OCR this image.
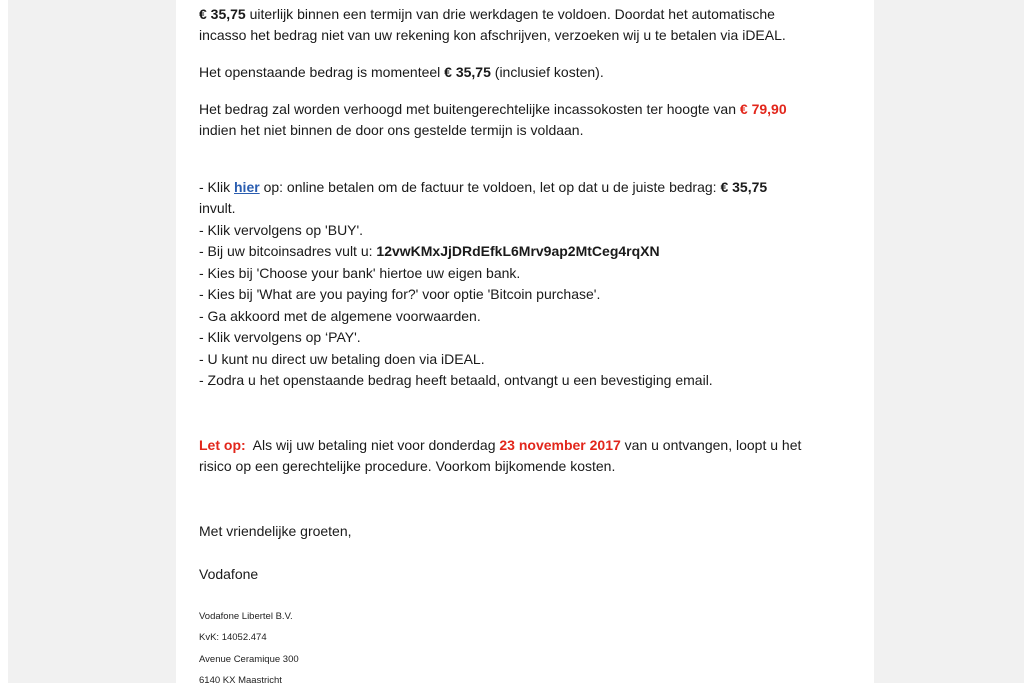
€ 35,75 uiterlijk binnen een termijn van drie werkdagen te voldoen. Doordat het automatische
incasso het bedrag niet van uw rekening kon afschrijven, verzoeken wij u te betalen via iDEAL.
Het openstaande bedrag is momenteel € 35,75 (inclusief kosten).
Het bedrag zal worden verhoogd met buitengerechtelijke incassokosten ter hoogte van € 79,90
indien het niet binnen de door ons gestelde termijn is voldaan.
- Klik hier op: online betalen om de factuur te voldoen, let op dat u de juiste bedrag: € 35,75
invult.
- Klik vervolgens op 'BUY'.
- Bij uw bitcoinsadres vult u: 12vwKMxJjDRdEfkL6Mrv9ap2MtCeg4rqXN
- Kies bij 'Choose your bank' hiertoe uw eigen bank.
- Kies bij 'What are you paying for?' voor optie 'Bitcoin purchase'.
- Ga akkoord met de algemene voorwaarden.
- Klik vervolgens op ‘PAY'.
- U kunt nu direct uw betaling doen via iDEAL.
- Zodra u het openstaande bedrag heeft betaald, ontvangt u een bevestiging email.
Let op:  Als wij uw betaling niet voor donderdag 23 november 2017 van u ontvangen, loopt u het
risico op een gerechtelijke procedure. Voorkom bijkomende kosten.
Met vriendelijke groeten,
Vodafone
Vodafone Libertel B.V.
KvK: 14052.474
Avenue Ceramique 300
6140 KX Maastricht
